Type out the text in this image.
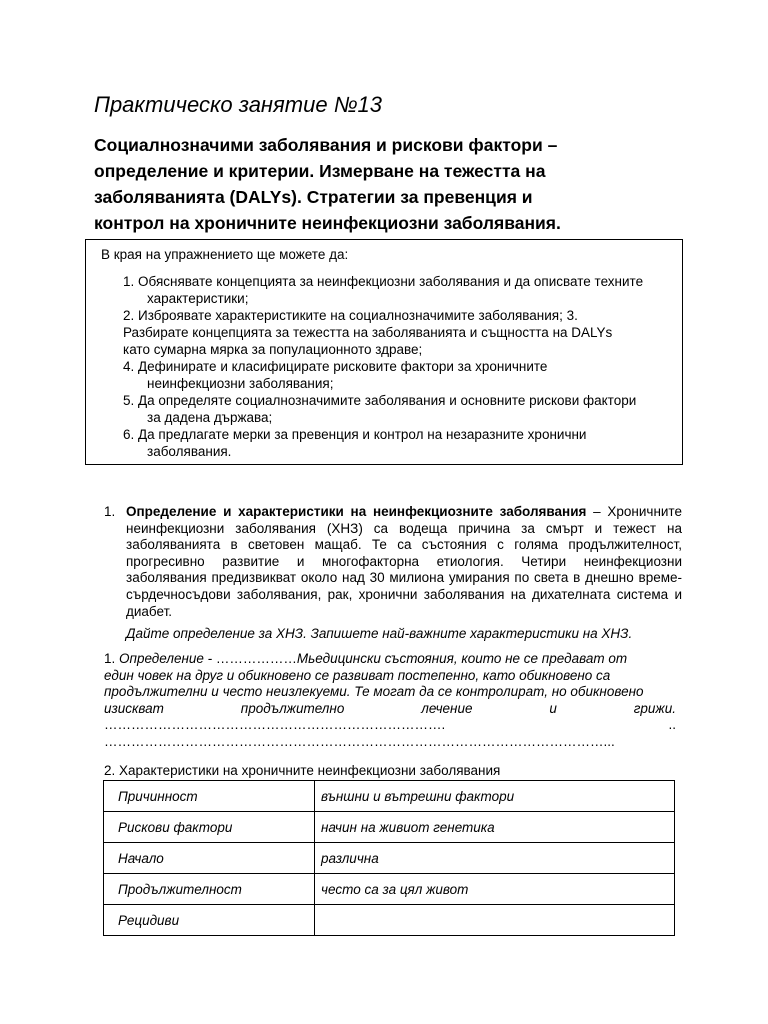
Практическо занятие №13
Социалнозначими заболявания и рискови фактори –
определение и критерии. Измерване на тежестта на
заболяванията (DALYs). Стратегии за превенция и
контрол на хроничните неинфекциозни заболявания.
В края на упражнението ще можете да:
1. Обяснявате концепцията за неинфекциозни заболявания и да описвате техните
характеристики;
2. Изброявате характеристиките на социалнозначимите заболявания; 3.
Разбирате концепцията за тежестта на заболяванията и същността на DALYs
като сумарна мярка за популационното здраве;
4. Дефинирате и класифицирате рисковите фактори за хроничните
неинфекциозни заболявания;
5. Да определяте социалнозначимите заболявания и основните рискови фактори
за дадена държава;
6. Да предлагате мерки за превенция и контрол на незаразните хронични
заболявания.
1. Определение и характеристики на неинфекциозните заболявания – Хроничните неинфекциозни заболявания (ХНЗ) са водеща причина за смърт и тежест на заболяванията в световен мащаб. Те са състояния с голяма продължителност, прогресивно развитие и многофакторна етиология. Четири неинфекциозни заболявания предизвикват около над 30 милиона умирания по света в днешно време- сърдечносъдови заболявания, рак, хронични заболявания на дихателната система и диабет.
Дайте определение за ХНЗ. Запишете най-важните характеристики на ХНЗ.
1. Определение - ………………Мьедицински състояния, които не се предават от
един човек на друг и обикновено се развиват постепенно, като обикновено са
продължителни и често неизлекуеми. Те могат да се контролират, но обикновено
изискват	продължително	лечение	и	грижи.
………………………………………………………………….	..
…………………………………………………………………………………………………...
2. Характеристики на хроничните неинфекциозни заболявания
Причинност	външни и вътрешни фактори
Рискови фактори	начин на живиот генетика
Начало	различна
Продължителност	често са за цял живот
Рецидиви	
